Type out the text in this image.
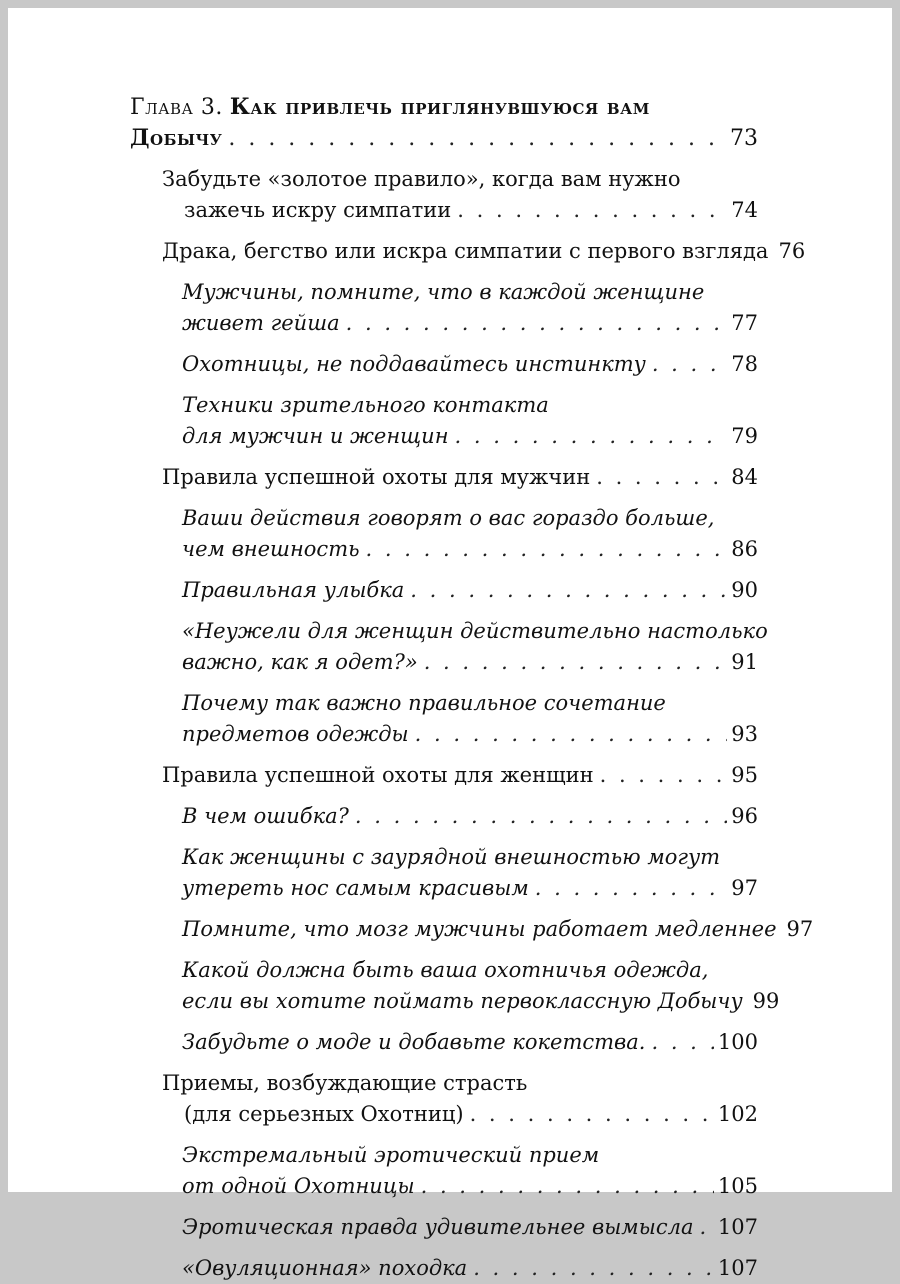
Глава 3. Как привлечь приглянувшуюся вам
Добычу . . .	73
Забудьте «золотое правило», когда вам нужно
зажечь искру симпатии . . .	74
Драка, бегство или искра симпатии с первого взгляда 76
Мужчины, помните, что в каждой женщине
живет гейша . . .	77
Охотницы, не поддавайтесь инстинкту . . .	78
Техники зрительного контакта
для мужчин и женщин . . .	79
Правила успешной охоты для мужчин . . .	84
Ваши действия говорят о вас гораздо больше,
чем внешность . . .	86
Правильная улыбка . . .	90
«Неужели для женщин действительно настолько
важно, как я одет?» . . .	91
Почему так важно правильное сочетание
предметов одежды . . .	93
Правила успешной охоты для женщин . . .	95
В чем ошибка? . . .	96
Как женщины с заурядной внешностью могут
утереть нос самым красивым . . .	97
Помните, что мозг мужчины работает медленнее 97
Какой должна быть ваша охотничья одежда,
если вы хотите поймать первоклассную Добычу 99
Забудьте о моде и добавьте кокетства. . . .	100
Приемы, возбуждающие страсть
(для серьезных Охотниц) . . .	102
Экстремальный эротический прием
от одной Охотницы . . .	105
Эротическая правда удивительнее вымысла . . . 107
«Овуляционная» походка . . .	107
